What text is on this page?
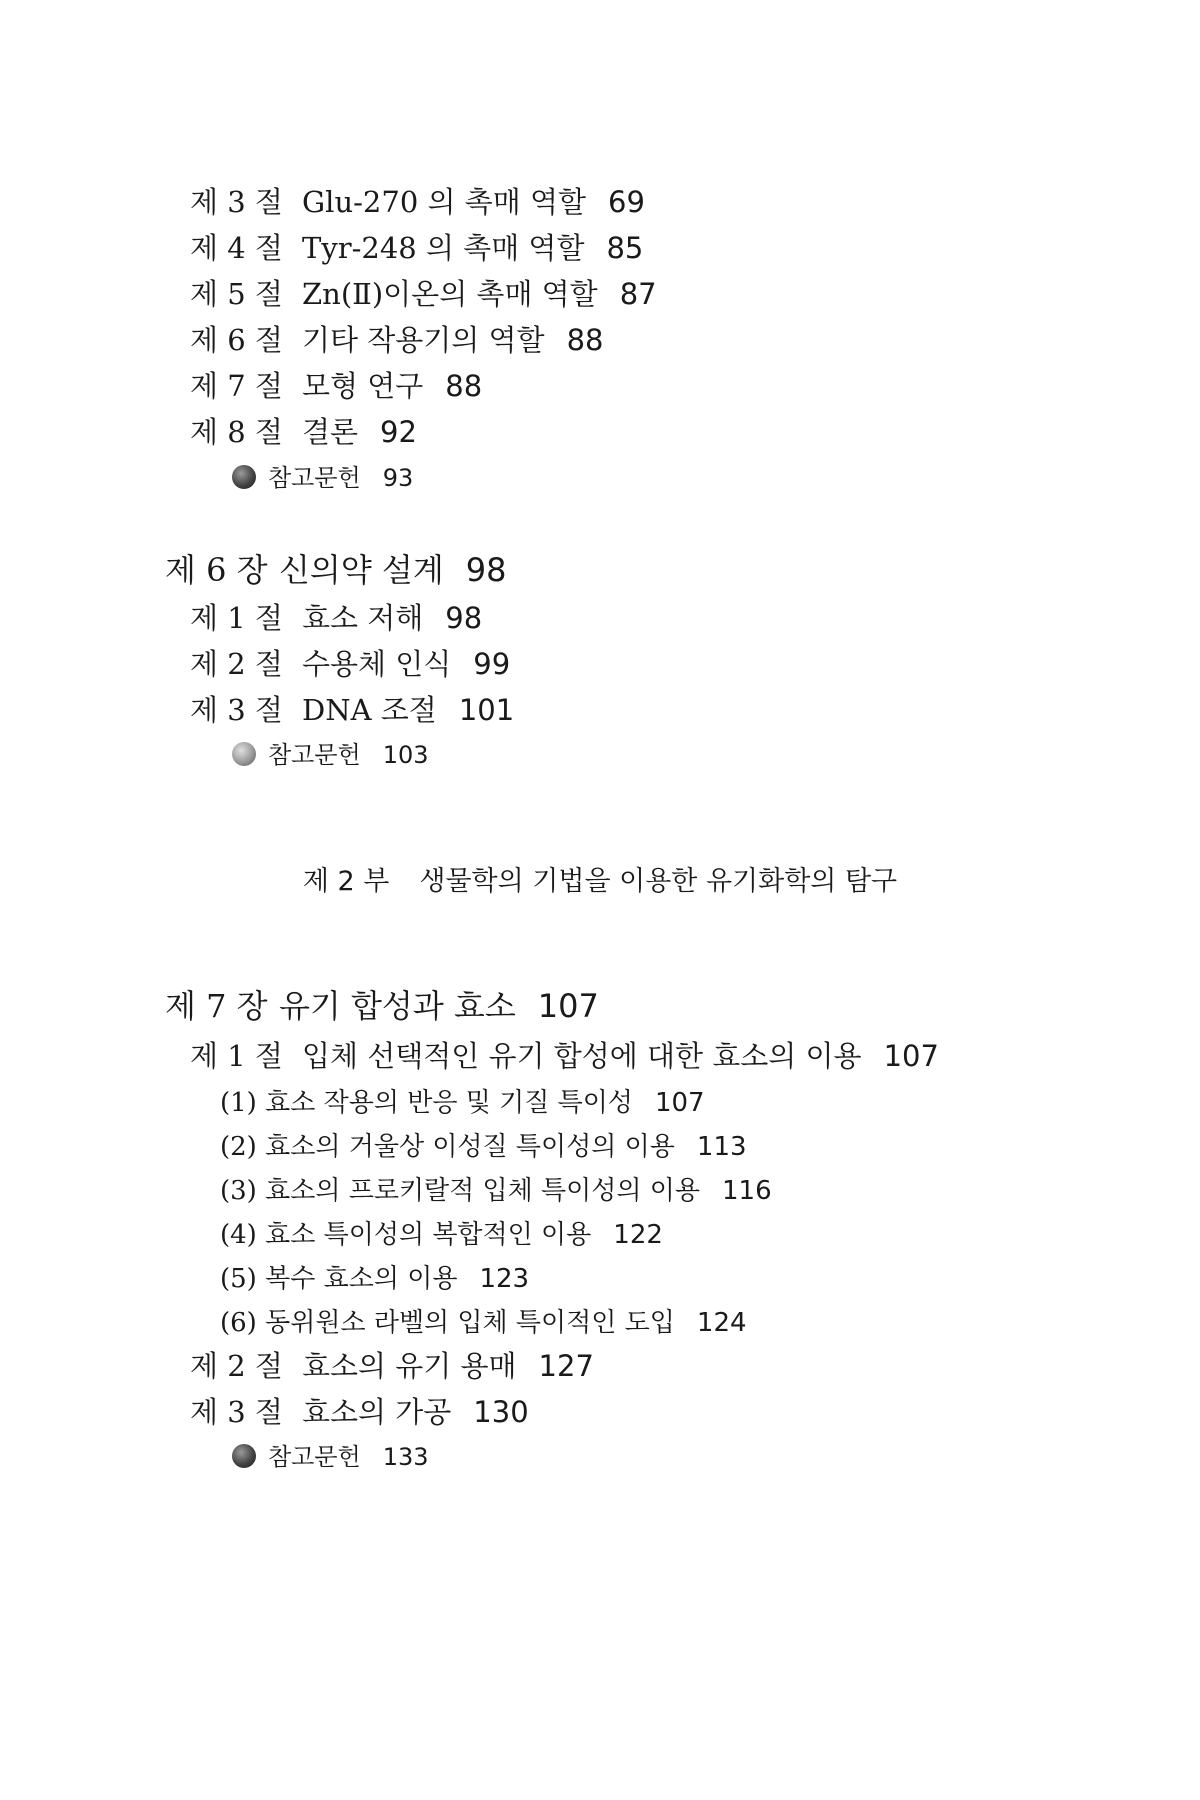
제 3 절 Glu-270 의 촉매 역할 69
제 4 절 Tyr-248 의 촉매 역할 85
제 5 절 Zn(Ⅱ)이온의 촉매 역할 87
제 6 절 기타 작용기의 역할 88
제 7 절 모형 연구 88
제 8 절 결론 92
참고문헌 93
제 6 장 신의약 설계 98
제 1 절 효소 저해 98
제 2 절 수용체 인식 99
제 3 절 DNA 조절 101
참고문헌 103
제 2 부 생물학의 기법을 이용한 유기화학의 탐구
제 7 장 유기 합성과 효소 107
제 1 절 입체 선택적인 유기 합성에 대한 효소의 이용 107
(1) 효소 작용의 반응 및 기질 특이성 107
(2) 효소의 거울상 이성질 특이성의 이용 113
(3) 효소의 프로키랄적 입체 특이성의 이용 116
(4) 효소 특이성의 복합적인 이용 122
(5) 복수 효소의 이용 123
(6) 동위원소 라벨의 입체 특이적인 도입 124
제 2 절 효소의 유기 용매 127
제 3 절 효소의 가공 130
참고문헌 133
